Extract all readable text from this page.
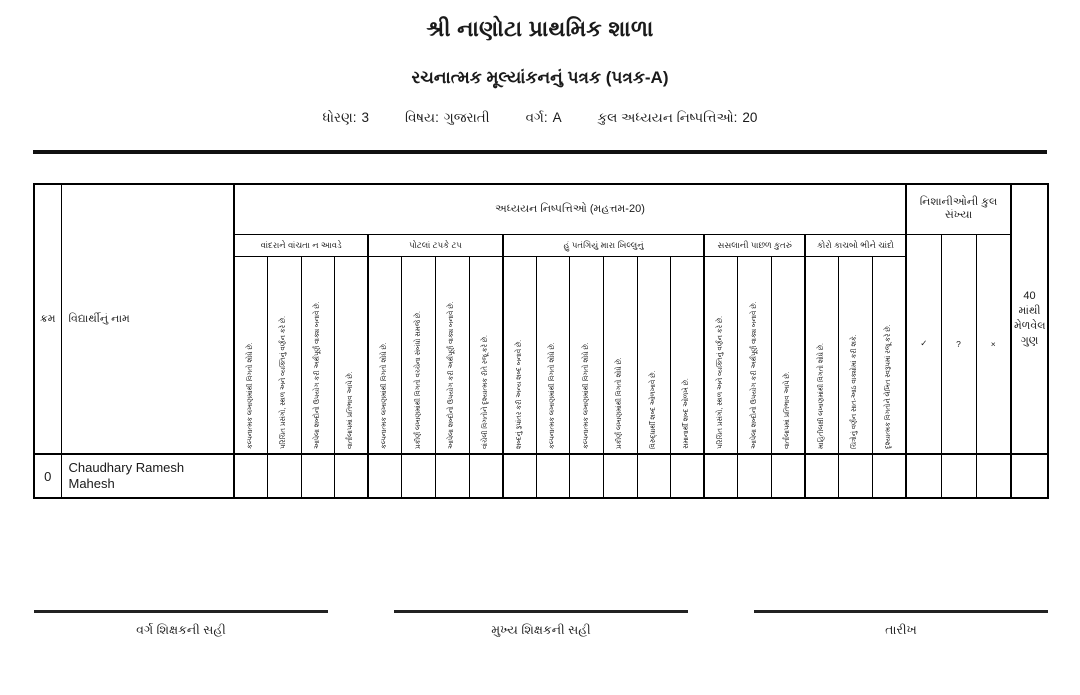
શ્રી નાણોટા પ્રાથમિક શાળા
રચનાત્મક મૂલ્યાંકનનું પત્રક (પત્રક-A)
ધોરણ: 3	વિષય: ગુજરાતી	વર્ગ: A	કુલ અધ્યયન નિષ્પત્તિઓ: 20
ક્રમ	વિદ્યાર્થીનું નામ	અધ્યયન નિષ્પત્તિઓ (મહત્તમ-20)																				નિશાનીઓની કુલ સંખ્યા			40 માંથી મેળવેલ ગુણ
		વાંદરાને વાંચતા ન આવડે				પોટલાં ટપકે ટપ				હું પતંગિયું મારા ખિલ્લુનું						સસલાની પાછળ કુતરું			કોરો કાચબો ભીને ચાંદો			✓	?	×	

		કલ્પનાત્મક લખાણમાંથી વિગતો શોધે છે.	પરિચિત પ્રસંગો, સ્થળ અને વ્યક્તિનું વર્ણન કરે છે.	આપેલા શબ્દોનો ઉપયોગ કરી અર્થપૂર્ણ વાક્ય બનાવે છે.	વાર્તાલાપમાં પ્રતિભાવ આપે છે.	કલ્પનાત્મક લખાણમાંથી વિગતો શોધે છે.	પ્રકીર્ણ લખાણમાંથી વિગતો વચ્ચેના સંબંધો સમજે છે.	આપેલા શબ્દોનો ઉપયોગ કરી અર્થપૂર્ણ વાક્ય બનાવે છે.	વાંચેલી વિગતોને દૃશ્યાત્મક રીતે રજૂ કરે છે.	શબ્દનું રૂપાંતર કરી અન્ય શબ્દ બનાવે છે.	કલ્પનાત્મક લખાણમાંથી વિગતો શોધે છે.	કલ્પનાત્મક લખાણમાંથી વિગતો શોધે છે.	પ્રકીર્ણ લખાણમાંથી વિગતો શોધે છે.	વિરુદ્ધાર્થી શબ્દ ઓળખાવે છે.	સમાનાર્થી શબ્દ ઓળખે છે.	પરિચિત પ્રસંગો, સ્થળ અને વ્યક્તિનું વર્ણન કરે છે.	આપેલા શબ્દોનો ઉપયોગ કરી અર્થપૂર્ણ વાક્ય બનાવે છે.	વાર્તાલાપમાં પ્રતિભાવ આપે છે.	માહિતીલક્ષી લખાણમાંથી વિગતો શોધે છે.	ચિત્રોનું વર્ણન સાત-આઠ વાક્યોમાં કરી શકે.	દૃશ્યાત્મક વિગતોને લેખિત સ્વરૂપમાં રજૂ કરે છે.				

0	Chaudhary Ramesh Mahesh																								
વર્ગ શિક્ષકની સહી	મુખ્ય શિક્ષકની સહી	તારીખ
